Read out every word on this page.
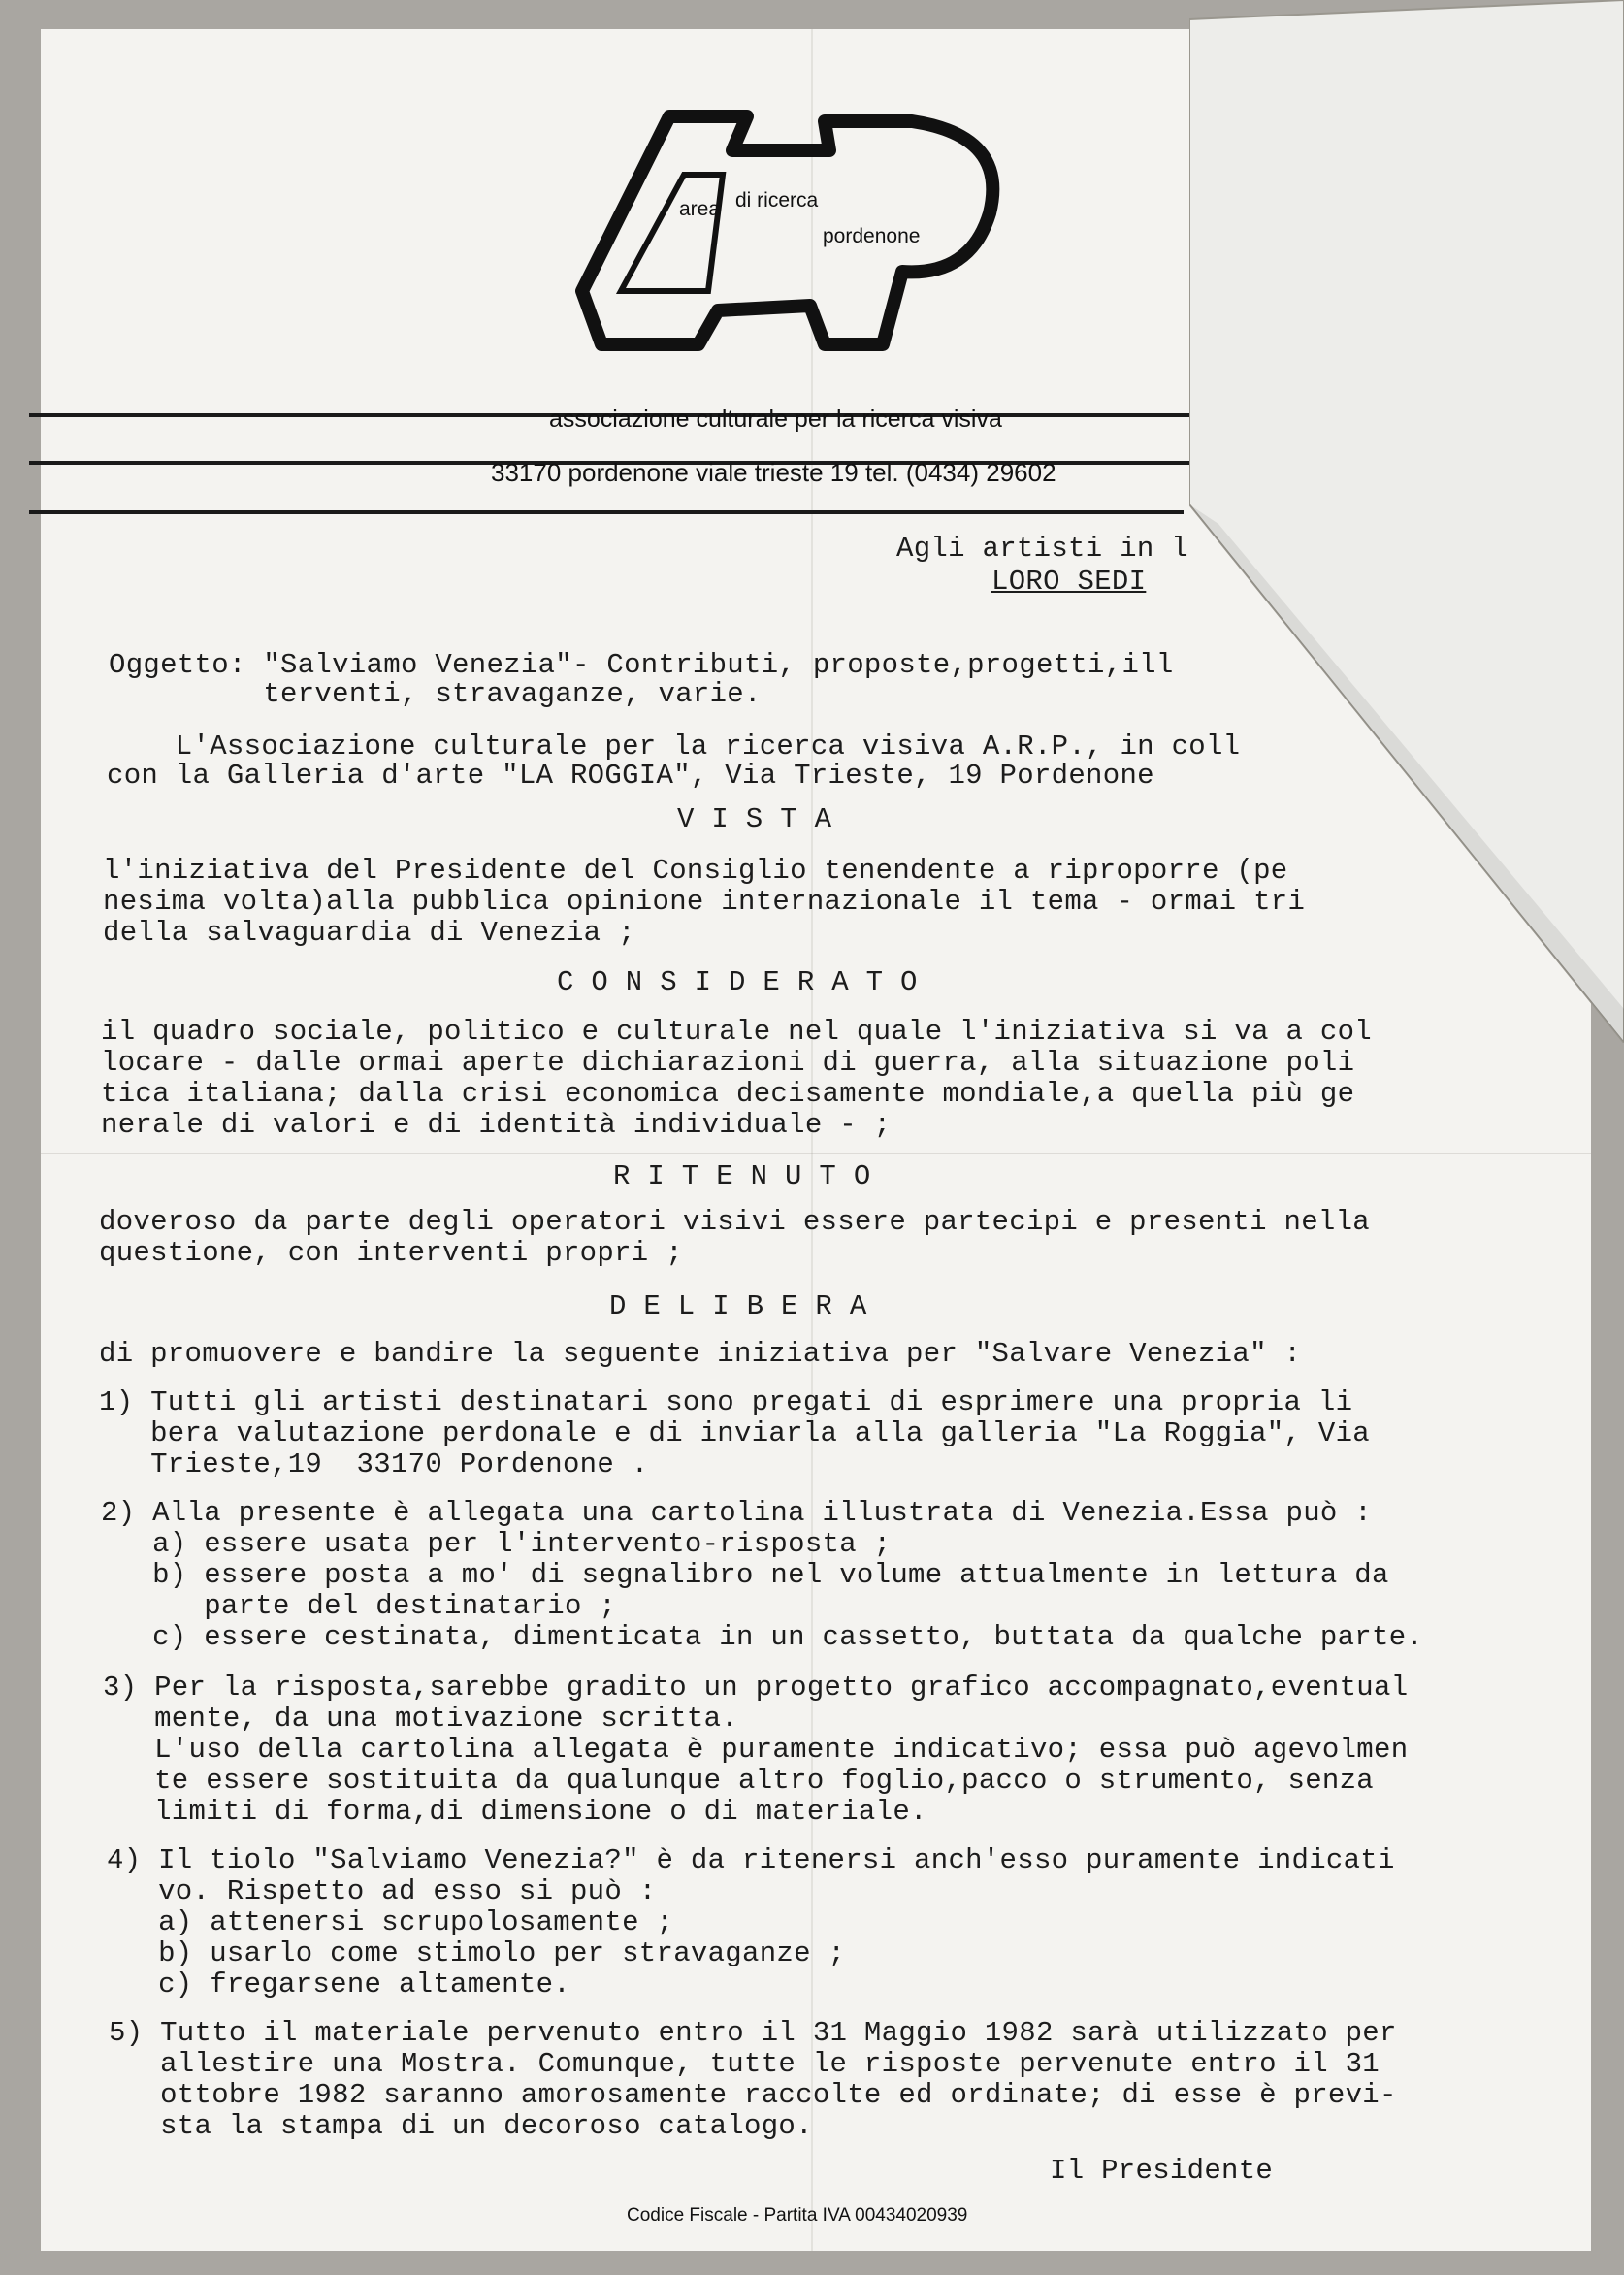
area di ricerca
pordenone
associazione culturale per la ricerca visiva
33170 pordenone viale trieste 19 tel. (0434) 29602
Agli artisti in l
LORO SEDI
Oggetto: "Salviamo Venezia"- Contributi, proposte,progetti,ill
terventi, stravaganze, varie.
L'Associazione culturale per la ricerca visiva A.R.P., in coll
con la Galleria d'arte "LA ROGGIA", Via Trieste, 19 Pordenone
VISTA
l'iniziativa del Presidente del Consiglio tenendente a riproporre (pe
nesima volta)alla pubblica opinione internazionale il tema - ormai tri
della salvaguardia di Venezia ;
CONSIDERATO
il quadro sociale, politico e culturale nel quale l'iniziativa si va a col
locare - dalle ormai aperte dichiarazioni di guerra, alla situazione poli
tica italiana; dalla crisi economica decisamente mondiale,a quella più ge
nerale di valori e di identità individuale - ;
RITENUTO
doveroso da parte degli operatori visivi essere partecipi e presenti nella
questione, con interventi propri ;
DELIBERA
di promuovere e bandire la seguente iniziativa per "Salvare Venezia" :
1) Tutti gli artisti destinatari sono pregati di esprimere una propria li
bera valutazione perdonale e di inviarla alla galleria "La Roggia", Via
Trieste,19  33170 Pordenone .
2) Alla presente è allegata una cartolina illustrata di Venezia.Essa può :
a) essere usata per l'intervento-risposta ;
b) essere posta a mo' di segnalibro nel volume attualmente in lettura da
parte del destinatario ;
c) essere cestinata, dimenticata in un cassetto, buttata da qualche parte.
3) Per la risposta,sarebbe gradito un progetto grafico accompagnato,eventual
mente, da una motivazione scritta.
L'uso della cartolina allegata è puramente indicativo; essa può agevolmen
te essere sostituita da qualunque altro foglio,pacco o strumento, senza
limiti di forma,di dimensione o di materiale.
4) Il tiolo "Salviamo Venezia?" è da ritenersi anch'esso puramente indicati
vo. Rispetto ad esso si può :
a) attenersi scrupolosamente ;
b) usarlo come stimolo per stravaganze ;
c) fregarsene altamente.
5) Tutto il materiale pervenuto entro il 31 Maggio 1982 sarà utilizzato per
allestire una Mostra. Comunque, tutte le risposte pervenute entro il 31
ottobre 1982 saranno amorosamente raccolte ed ordinate; di esse è previ-
sta la stampa di un decoroso catalogo.
Il Presidente
Codice Fiscale - Partita IVA 00434020939
